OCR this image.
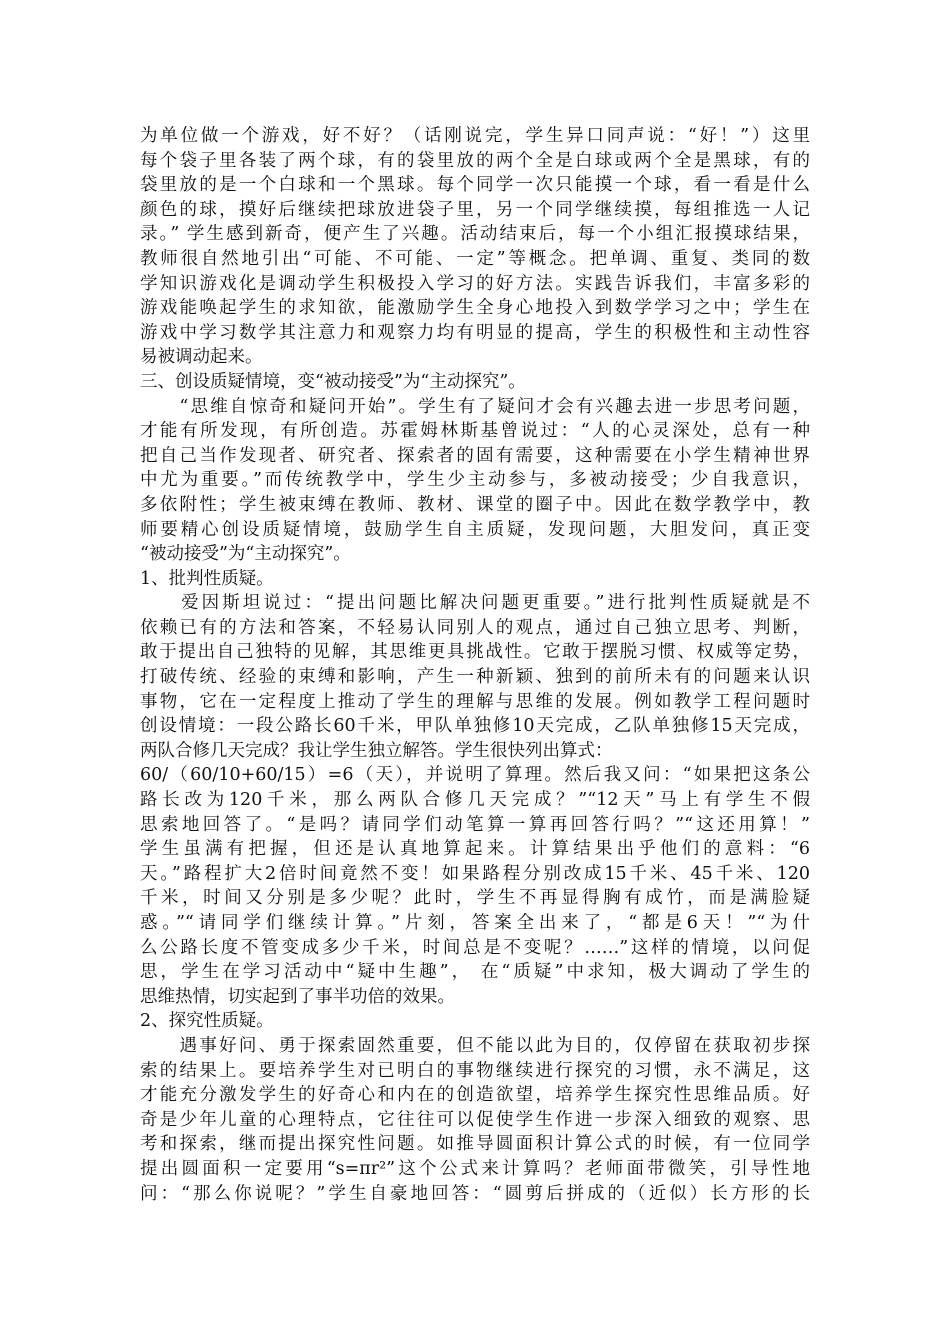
为单位做一个游戏，好不好？（话刚说完，学生异口同声说：“好！”）这里
每个袋子里各装了两个球，有的袋里放的两个全是白球或两个全是黑球，有的
袋里放的是一个白球和一个黑球。每个同学一次只能摸一个球，看一看是什么
颜色的球，摸好后继续把球放进袋子里，另一个同学继续摸，每组推选一人记
录。” 学生感到新奇，便产生了兴趣。活动结束后，每一个小组汇报摸球结果，
教师很自然地引出“可能、不可能、一定”等概念。把单调、重复、类同的数
学知识游戏化是调动学生积极投入学习的好方法。实践告诉我们，丰富多彩的
游戏能唤起学生的求知欲，能激励学生全身心地投入到数学学习之中；学生在
游戏中学习数学其注意力和观察力均有明显的提高，学生的积极性和主动性容
易被调动起来。
三、创设质疑情境，变“被动接受”为“主动探究”。
　　“思维自惊奇和疑问开始”。学生有了疑问才会有兴趣去进一步思考问题，
才能有所发现，有所创造。苏霍姆林斯基曾说过：“人的心灵深处，总有一种
把自己当作发现者、研究者、探索者的固有需要，这种需要在小学生精神世界
中尤为重要。”而传统教学中，学生少主动参与，多被动接受；少自我意识，
多依附性；学生被束缚在教师、教材、课堂的圈子中。因此在数学教学中，教
师要精心创设质疑情境，鼓励学生自主质疑，发现问题，大胆发问，真正变
“被动接受”为“主动探究”。
1、批判性质疑。
　　爱因斯坦说过：“提出问题比解决问题更重要。”进行批判性质疑就是不
依赖已有的方法和答案，不轻易认同别人的观点，通过自己独立思考、判断，
敢于提出自己独特的见解，其思维更具挑战性。它敢于摆脱习惯、权威等定势，
打破传统、经验的束缚和影响，产生一种新颖、独到的前所未有的问题来认识
事物，它在一定程度上推动了学生的理解与思维的发展。例如教学工程问题时
创设情境：一段公路长60千米，甲队单独修10天完成，乙队单独修15天完成，
两队合修几天完成？我让学生独立解答。学生很快列出算式：
60/（60/10+60/15）=6（天），并说明了算理。然后我又问：“如果把这条公
路长改为120千米，那么两队合修几天完成？”“12天”马上有学生不假
思索地回答了。“是吗？请同学们动笔算一算再回答行吗？”“这还用算！”
学生虽满有把握，但还是认真地算起来。计算结果出乎他们的意料：“6
天。”路程扩大2倍时间竟然不变！如果路程分别改成15千米、45千米、120
千米，时间又分别是多少呢？此时，学生不再显得胸有成竹，而是满脸疑
惑。”“请同学们继续计算。”片刻，答案全出来了，“都是6天！”“为什
么公路长度不管变成多少千米，时间总是不变呢？……”这样的情境，以问促
思，学生在学习活动中“疑中生趣”， 在“质疑”中求知，极大调动了学生的
思维热情，切实起到了事半功倍的效果。
2、探究性质疑。
　　遇事好问、勇于探索固然重要，但不能以此为目的，仅停留在获取初步探
索的结果上。要培养学生对已明白的事物继续进行探究的习惯，永不满足，这
才能充分激发学生的好奇心和内在的创造欲望，培养学生探究性思维品质。好
奇是少年儿童的心理特点，它往往可以促使学生作进一步深入细致的观察、思
考和探索，继而提出探究性问题。如推导圆面积计算公式的时候，有一位同学
提出圆面积一定要用“s=πr²”这个公式来计算吗？老师面带微笑，引导性地
问：“那么你说呢？”学生自豪地回答：“圆剪后拼成的（近似）长方形的长
